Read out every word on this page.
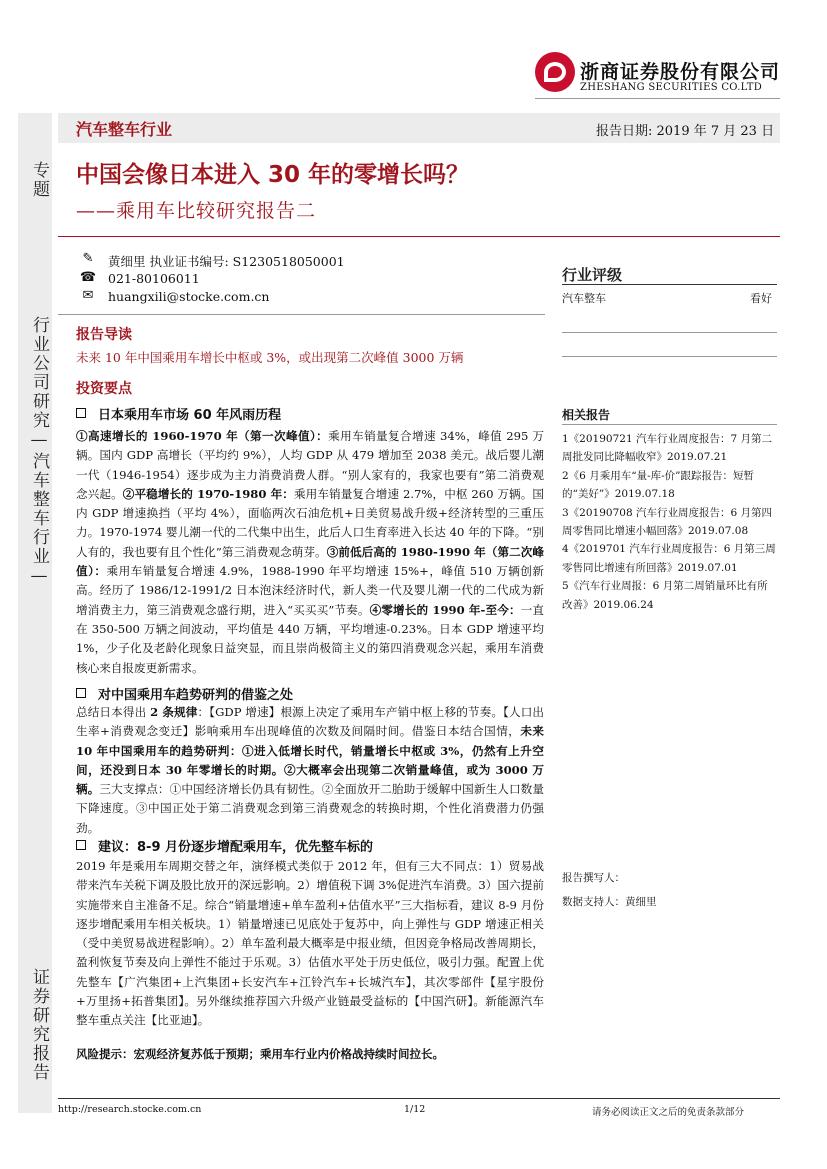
浙商证券股份有限公司
ZHESHANG SECURITIES CO.LTD
专题
行业公司研究—汽车整车行业—
证券研究报告
汽车整车行业	报告日期: 2019 年 7 月 23 日
中国会像日本进入 30 年的零增长吗？
——乘用车比较研究报告二
✎	黄细里 执业证书编号: S1230518050001
☎ 021-80106011
✉	huangxili@stocke.com.cn
行业评级
汽车整车	看好
报告导读
未来 10 年中国乘用车增长中枢或 3%，或出现第二次峰值 3000 万辆
投资要点
日本乘用车市场 60 年风雨历程
①高速增长的 1960-1970 年（第一次峰值）：乘用车销量复合增速 34%，峰值 295 万辆。国内 GDP 高增长（平均约 9%），人均 GDP 从 479 增加至 2038 美元。战后婴儿潮一代（1946-1954）逐步成为主力消费消费人群。“别人家有的，我家也要有”第二消费观念兴起。②平稳增长的 1970-1980 年：乘用车销量复合增速 2.7%，中枢 260 万辆。国内 GDP 增速换挡（平均 4%），面临两次石油危机+日美贸易战升级+经济转型的三重压力。1970-1974 婴儿潮一代的二代集中出生，此后人口生育率进入长达 40 年的下降。“别人有的，我也要有且个性化”第三消费观念萌芽。③前低后高的 1980-1990 年（第二次峰值）：乘用车销量复合增速 4.9%，1988-1990 年平均增速 15%+，峰值 510 万辆创新高。经历了 1986/12-1991/2 日本泡沫经济时代，新人类一代及婴儿潮一代的二代成为新增消费主力，第三消费观念盛行期，进入“买买买”节奏。④零增长的 1990 年-至今：一直在 350-500 万辆之间波动，平均值是 440 万辆，平均增速-0.23%。日本 GDP 增速平均 1%，少子化及老龄化现象日益突显，而且崇尚极简主义的第四消费观念兴起，乘用车消费核心来自报废更新需求。
对中国乘用车趋势研判的借鉴之处
总结日本得出 2 条规律：【GDP 增速】根源上决定了乘用车产销中枢上移的节奏。【人口出生率+消费观念变迁】影响乘用车出现峰值的次数及间隔时间。借鉴日本结合国情，未来 10 年中国乘用车的趋势研判：①进入低增长时代，销量增长中枢或 3%，仍然有上升空间，还没到日本 30 年零增长的时期。②大概率会出现第二次销量峰值，或为 3000 万辆。三大支撑点：①中国经济增长仍具有韧性。②全面放开二胎助于缓解中国新生人口数量下降速度。③中国正处于第二消费观念到第三消费观念的转换时期，个性化消费潜力仍强劲。
建议：8-9 月份逐步增配乘用车，优先整车标的
2019 年是乘用车周期交替之年，演绎模式类似于 2012 年，但有三大不同点：1）贸易战带来汽车关税下调及股比放开的深远影响。2）增值税下调 3%促进汽车消费。3）国六提前实施带来自主准备不足。综合“销量增速+单车盈利+估值水平”三大指标看，建议 8-9 月份逐步增配乘用车相关板块。1）销量增速已见底处于复苏中，向上弹性与 GDP 增速正相关（受中美贸易战进程影响）。2）单车盈利最大概率是中报业绩，但因竞争格局改善周期长，盈利恢复节奏及向上弹性不能过于乐观。3）估值水平处于历史低位，吸引力强。配置上优先整车【广汽集团+上汽集团+长安汽车+江铃汽车+长城汽车】，其次零部件【星宇股份+万里扬+拓普集团】。另外继续推荐国六升级产业链最受益标的【中国汽研】。新能源汽车整车重点关注【比亚迪】。
风险提示：宏观经济复苏低于预期；乘用车行业内价格战持续时间拉长。
相关报告
1《20190721 汽车行业周度报告：7 月第二周批发同比降幅收窄》2019.07.21
2《6 月乘用车“量-库-价”跟踪报告：短暂的“美好”》2019.07.18
3《20190708 汽车行业周度报告：6 月第四周零售同比增速小幅回落》2019.07.08
4《2019701 汽车行业周度报告：6 月第三周零售同比增速有所回落》2019.07.01
5《汽车行业周报：6 月第二周销量环比有所改善》2019.06.24
报告撰写人：
数据支持人：黄细里
http://research.stocke.com.cn	1/12	请务必阅读正文之后的免责条款部分
